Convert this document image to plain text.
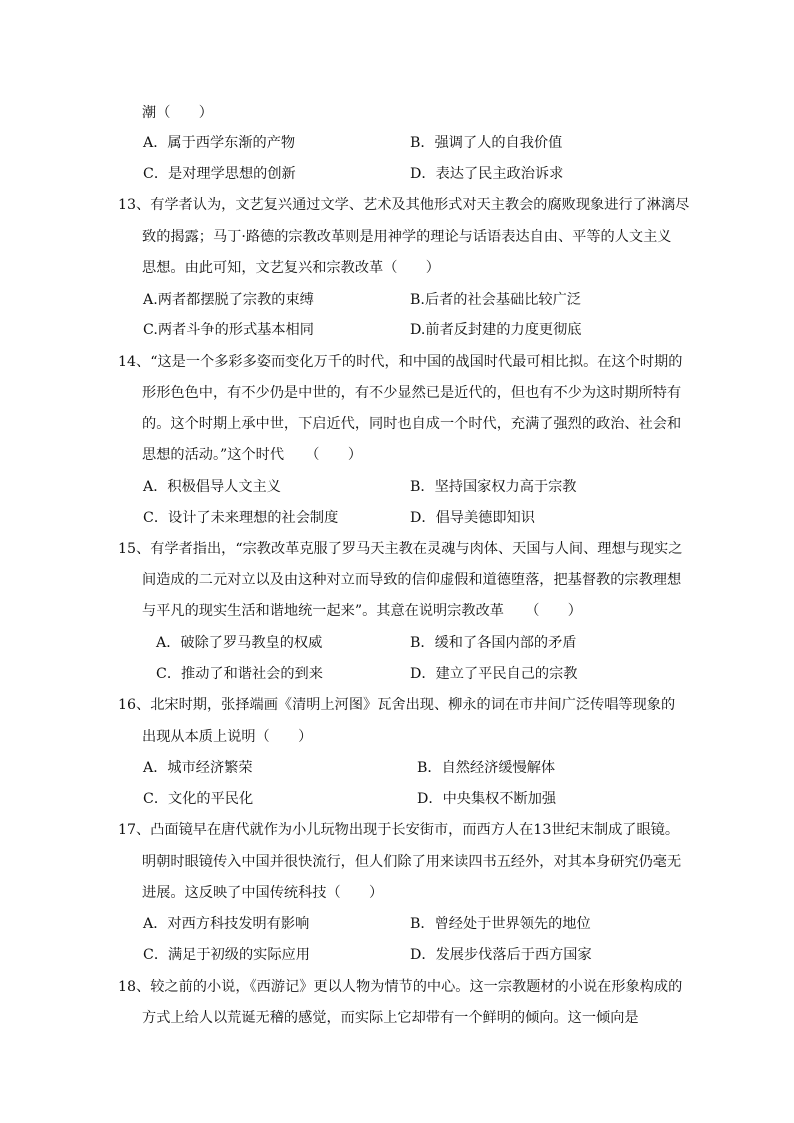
潮（　　）
A．属于西学东渐的产物	B．强调了人的自我价值
C．是对理学思想的创新	D．表达了民主政治诉求
13、有学者认为，文艺复兴通过文学、艺术及其他形式对天主教会的腐败现象进行了淋漓尽
致的揭露；马丁·路德的宗教改革则是用神学的理论与话语表达自由、平等的人文主义
思想。由此可知，文艺复兴和宗教改革（　　）
A.两者都摆脱了宗教的束缚	B.后者的社会基础比较广泛
C.两者斗争的形式基本相同	D.前者反封建的力度更彻底
14、“这是一个多彩多姿而变化万千的时代，和中国的战国时代最可相比拟。在这个时期的
形形色色中，有不少仍是中世的，有不少显然已是近代的，但也有不少为这时期所特有
的。这个时期上承中世，下启近代，同时也自成一个时代，充满了强烈的政治、社会和
思想的活动。”这个时代　　（　　）
A．积极倡导人文主义	B．坚持国家权力高于宗教
C．设计了未来理想的社会制度	D．倡导美德即知识
15、有学者指出，“宗教改革克服了罗马天主教在灵魂与肉体、天国与人间、理想与现实之
间造成的二元对立以及由这种对立而导致的信仰虚假和道德堕落，把基督教的宗教理想
与平凡的现实生活和谐地统一起来”。其意在说明宗教改革　　（　　）
A．破除了罗马教皇的权威	B．缓和了各国内部的矛盾
C．推动了和谐社会的到来	D．建立了平民自己的宗教
16、北宋时期，张择端画《清明上河图》瓦舍出现、柳永的词在市井间广泛传唱等现象的
出现从本质上说明（　　）
A．城市经济繁荣	B．自然经济缓慢解体
C．文化的平民化	D．中央集权不断加强
17、凸面镜早在唐代就作为小儿玩物出现于长安街市，而西方人在13世纪末制成了眼镜。
明朝时眼镜传入中国并很快流行，但人们除了用来读四书五经外，对其本身研究仍毫无
进展。这反映了中国传统科技（　　）
A．对西方科技发明有影响	B．曾经处于世界领先的地位
C．满足于初级的实际应用	D．发展步伐落后于西方国家
18、较之前的小说，《西游记》更以人物为情节的中心。这一宗教题材的小说在形象构成的
方式上给人以荒诞无稽的感觉，而实际上它却带有一个鲜明的倾向。这一倾向是
